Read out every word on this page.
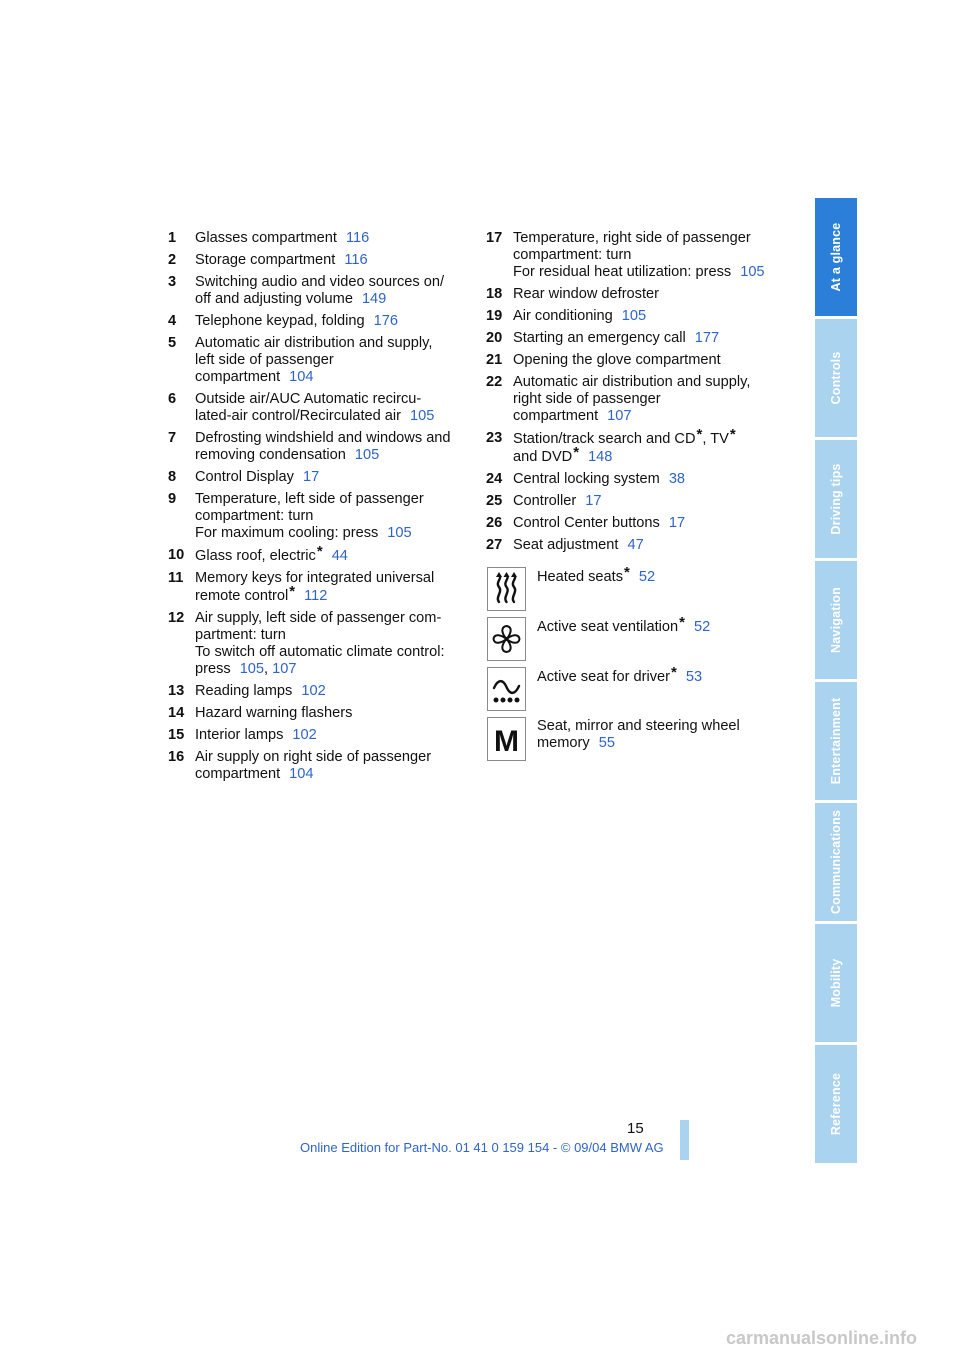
1 Glasses compartment 116
2 Storage compartment 116
3 Switching audio and video sources on/
off and adjusting volume 149
4 Telephone keypad, folding 176
5 Automatic air distribution and supply,
left side of passenger
compartment 104
6 Outside air/AUC Automatic recircu-
lated-air control/Recirculated air 105
7 Defrosting windshield and windows and
removing condensation 105
8 Control Display 17
9 Temperature, left side of passenger
compartment: turn
For maximum cooling: press 105
10 Glass roof, electric* 44
11 Memory keys for integrated universal
remote control* 112
12 Air supply, left side of passenger com-
partment: turn
To switch off automatic climate control:
press 105, 107
13 Reading lamps 102
14 Hazard warning flashers
15 Interior lamps 102
16 Air supply on right side of passenger
compartment 104
17 Temperature, right side of passenger
compartment: turn
For residual heat utilization: press 105
18 Rear window defroster
19 Air conditioning 105
20 Starting an emergency call 177
21 Opening the glove compartment
22 Automatic air distribution and supply,
right side of passenger
compartment 107
23 Station/track search and CD*, TV*
and DVD* 148
24 Central locking system 38
25 Controller 17
26 Control Center buttons 17
27 Seat adjustment 47
Heated seats* 52
Active seat ventilation* 52
Active seat for driver* 53
M Seat, mirror and steering wheel
memory 55
At a glance
Controls
Driving tips
Navigation
Entertainment
Communications
Mobility
Reference
15
Online Edition for Part-No. 01 41 0 159 154 - © 09/04 BMW AG
carmanualsonline.info
